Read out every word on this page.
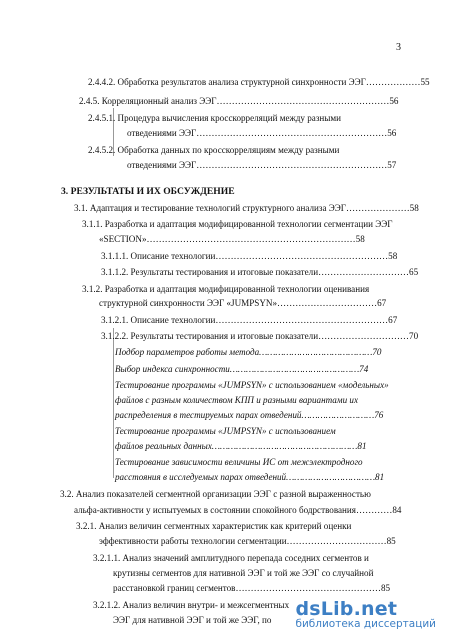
3
2.4.4.2. Обработка результатов анализа структурной синхронности ЭЭГ………………55
2.4.5. Корреляционный анализ ЭЭГ…………………………………………………56
2.4.5.1. Процедура вычисления кросскорреляций между разными
отведениями ЭЭГ………………………………………………………56
2.4.5.2. Обработка данных по кросскорреляциям между разными
отведениями ЭЭГ………………………………………………………57
3. РЕЗУЛЬТАТЫ И ИХ ОБСУЖДЕНИЕ
3.1. Адаптация и тестирование технологий структурного анализа ЭЭГ…………………58
3.1.1. Разработка и адаптация модифицированной технологии сегментации ЭЭГ
«SECTION»……………………………………………………………58
3.1.1.1. Описание технологии…………………………………………………58
3.1.1.2. Результаты тестирования и итоговые показатели…………………………65
3.1.2. Разработка и адаптация модифицированной технологии оценивания
структурной синхронности ЭЭГ «JUMPSYN»……………………………67
3.1.2.1. Описание технологии…………………………………………………67
3.1.2.2. Результаты тестирования и итоговые показатели…………………………70
Подбор параметров работы метода……………………………………70
Выбор индекса синхронности…………………………………………74
Тестирование программы «JUMPSYN» с использованием «модельных»
файлов с разным количеством КПП и разными вариантами их
распределения в тестируемых парах отведений………………………76
Тестирование программы «JUMPSYN» с использованием
файлов реальных данных………………………………………………81
Тестирование зависимости величины ИС от межэлектродного
расстояния в исследуемых парах отведений……………………………81
3.2. Анализ показателей сегментной организации ЭЭГ с разной выраженностью
альфа-активности у испытуемых в состоянии спокойного бодрствования…………84
3.2.1. Анализ величин сегментных характеристик как критерий оценки
эффективности работы технологии сегментации……………………………85
3.2.1.1. Анализ значений амплитудного перепада соседних сегментов и
крутизны сегментов для нативной ЭЭГ и той же ЭЭГ со случайной
расстановкой границ сегментов…………………………………………85
3.2.1.2. Анализ величин внутри- и межсегментных
ЭЭГ для нативной ЭЭГ и той же ЭЭГ, по dsLib.net
библиотека диссертаций
